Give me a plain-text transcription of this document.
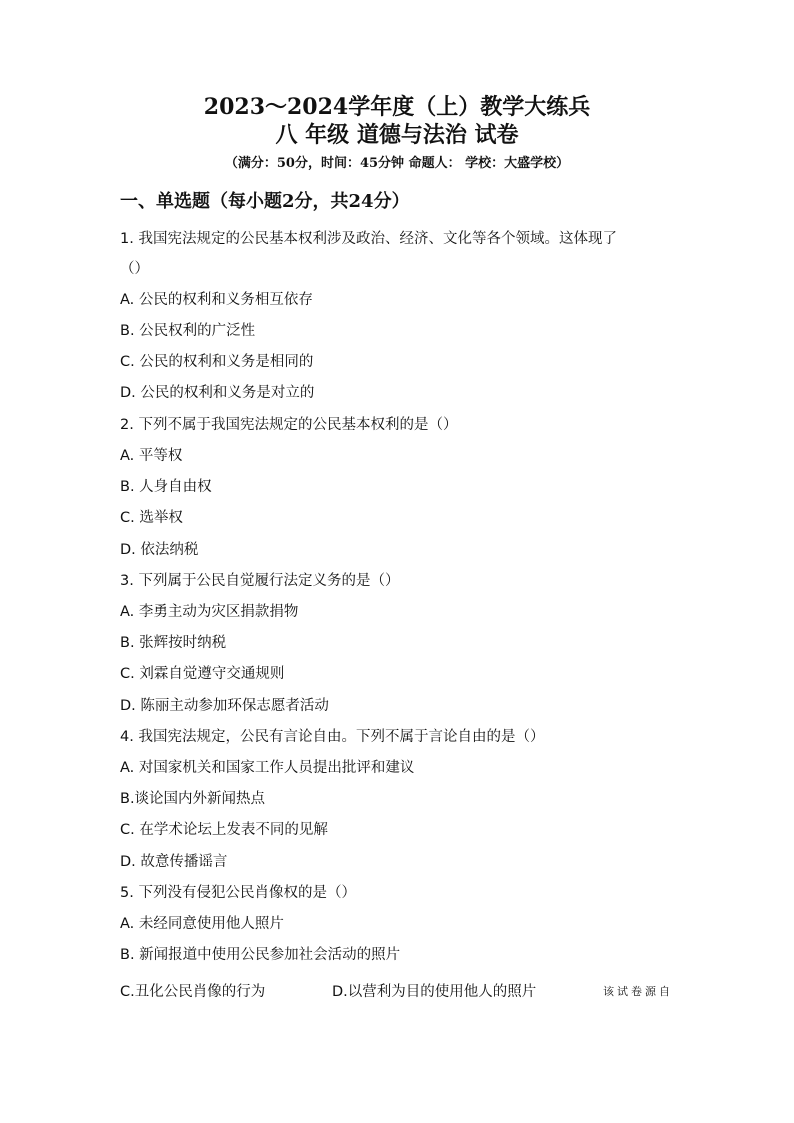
2023～2024学年度（上）教学大练兵
八 年级 道德与法治 试卷
（满分：50分，时间：45分钟 命题人： 学校：大盛学校）
一、单选题（每小题2分，共24分）
1. 我国宪法规定的公民基本权利涉及政治、经济、文化等各个领域。这体现了
（）
A. 公民的权利和义务相互依存
B. 公民权利的广泛性
C. 公民的权利和义务是相同的
D. 公民的权利和义务是对立的
2. 下列不属于我国宪法规定的公民基本权利的是（）
A. 平等权
B. 人身自由权
C. 选举权
D. 依法纳税
3. 下列属于公民自觉履行法定义务的是（）
A. 李勇主动为灾区捐款捐物
B. 张辉按时纳税
C. 刘霖自觉遵守交通规则
D. 陈丽主动参加环保志愿者活动
4. 我国宪法规定，公民有言论自由。下列不属于言论自由的是（）
A. 对国家机关和国家工作人员提出批评和建议
B.谈论国内外新闻热点
C. 在学术论坛上发表不同的见解
D. 故意传播谣言
5. 下列没有侵犯公民肖像权的是（）
A. 未经同意使用他人照片
B. 新闻报道中使用公民参加社会活动的照片
C.丑化公民肖像的行为	D.以营利为目的使用他人的照片	该试卷源自
